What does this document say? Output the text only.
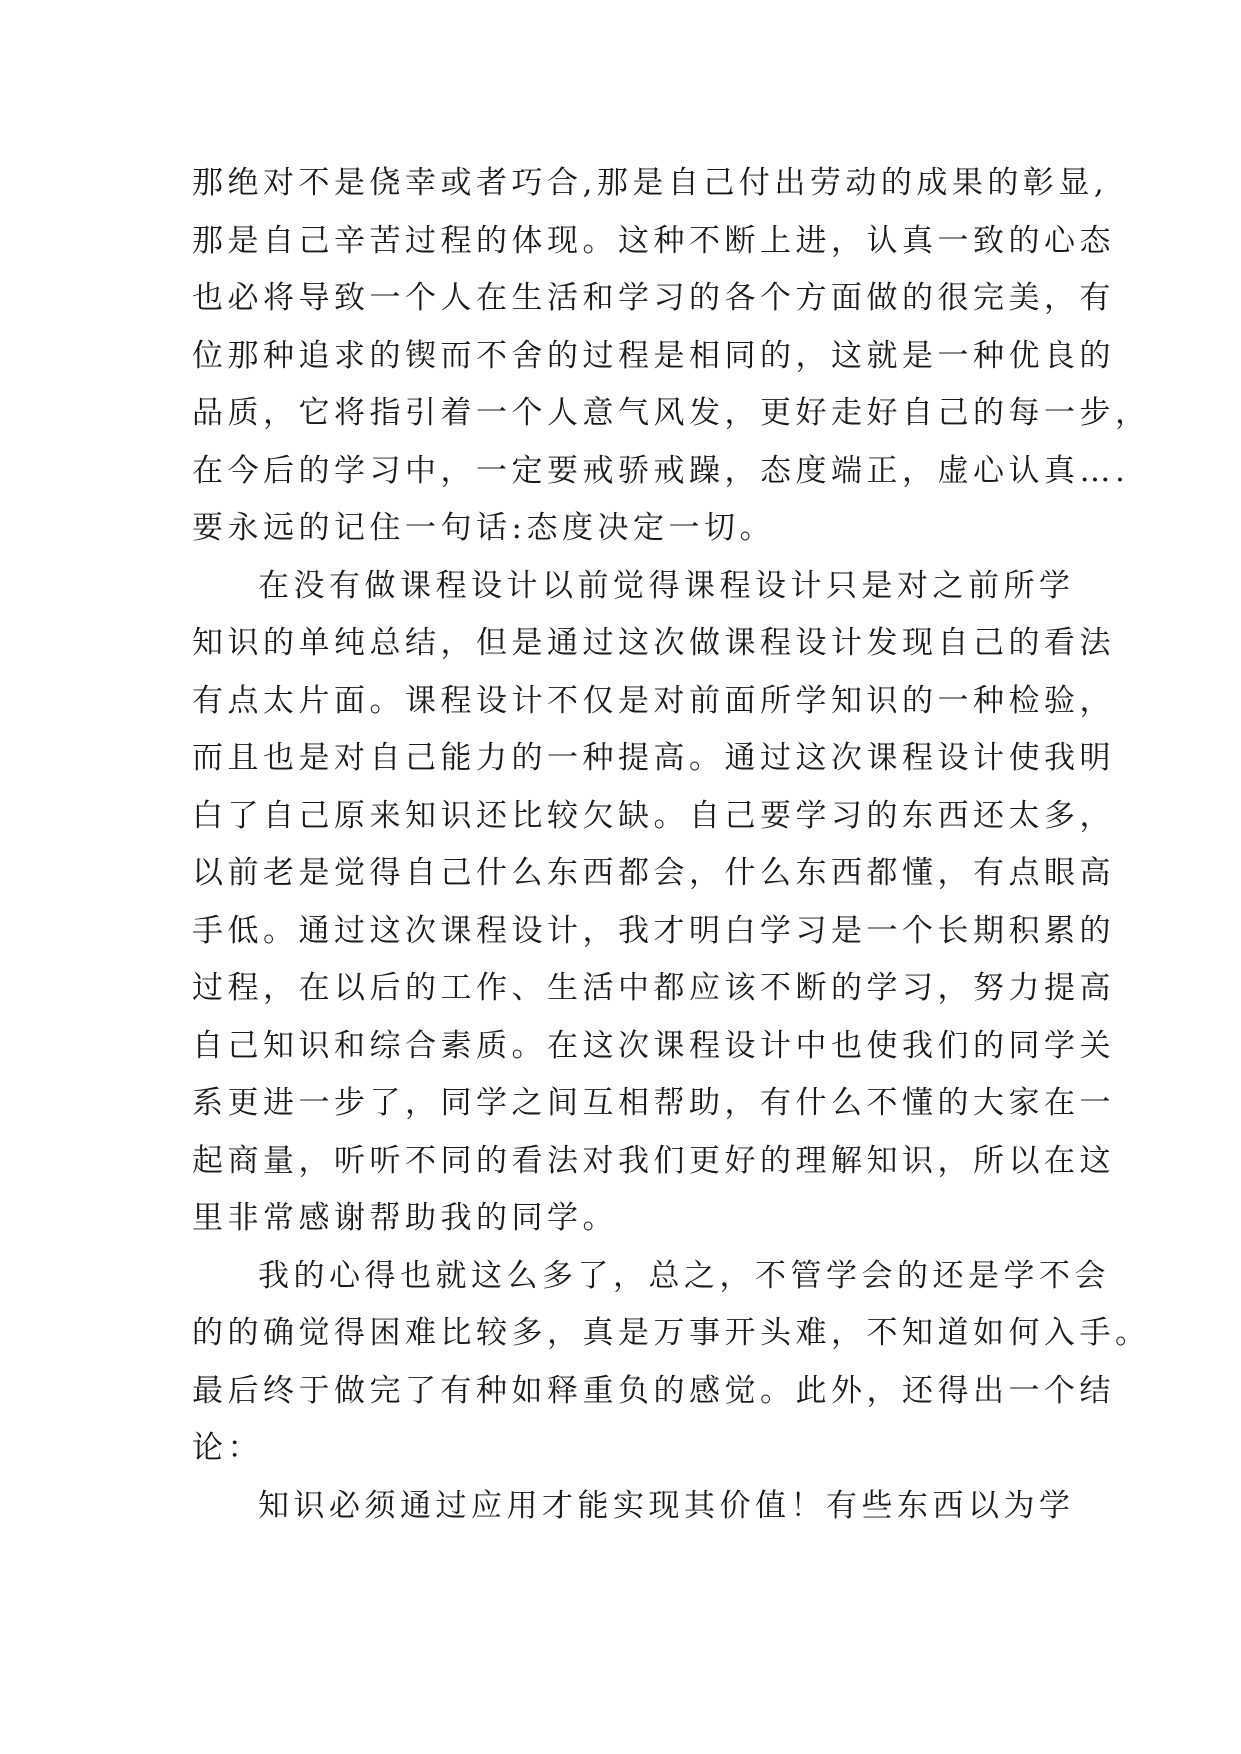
那绝对不是侥幸或者巧合,那是自己付出劳动的成果的彰显,
那是自己辛苦过程的体现。这种不断上进，认真一致的心态
也必将导致一个人在生活和学习的各个方面做的很完美，有
位那种追求的锲而不舍的过程是相同的，这就是一种优良的
品质，它将指引着一个人意气风发，更好走好自己的每一步，
在今后的学习中，一定要戒骄戒躁，态度端正，虚心认真….
要永远的记住一句话:态度决定一切。
在没有做课程设计以前觉得课程设计只是对之前所学
知识的单纯总结，但是通过这次做课程设计发现自己的看法
有点太片面。课程设计不仅是对前面所学知识的一种检验，
而且也是对自己能力的一种提高。通过这次课程设计使我明
白了自己原来知识还比较欠缺。自己要学习的东西还太多，
以前老是觉得自己什么东西都会，什么东西都懂，有点眼高
手低。通过这次课程设计，我才明白学习是一个长期积累的
过程，在以后的工作、生活中都应该不断的学习，努力提高
自己知识和综合素质。在这次课程设计中也使我们的同学关
系更进一步了，同学之间互相帮助，有什么不懂的大家在一
起商量，听听不同的看法对我们更好的理解知识，所以在这
里非常感谢帮助我的同学。
我的心得也就这么多了，总之，不管学会的还是学不会
的的确觉得困难比较多，真是万事开头难，不知道如何入手。
最后终于做完了有种如释重负的感觉。此外，还得出一个结
论：
知识必须通过应用才能实现其价值！有些东西以为学
